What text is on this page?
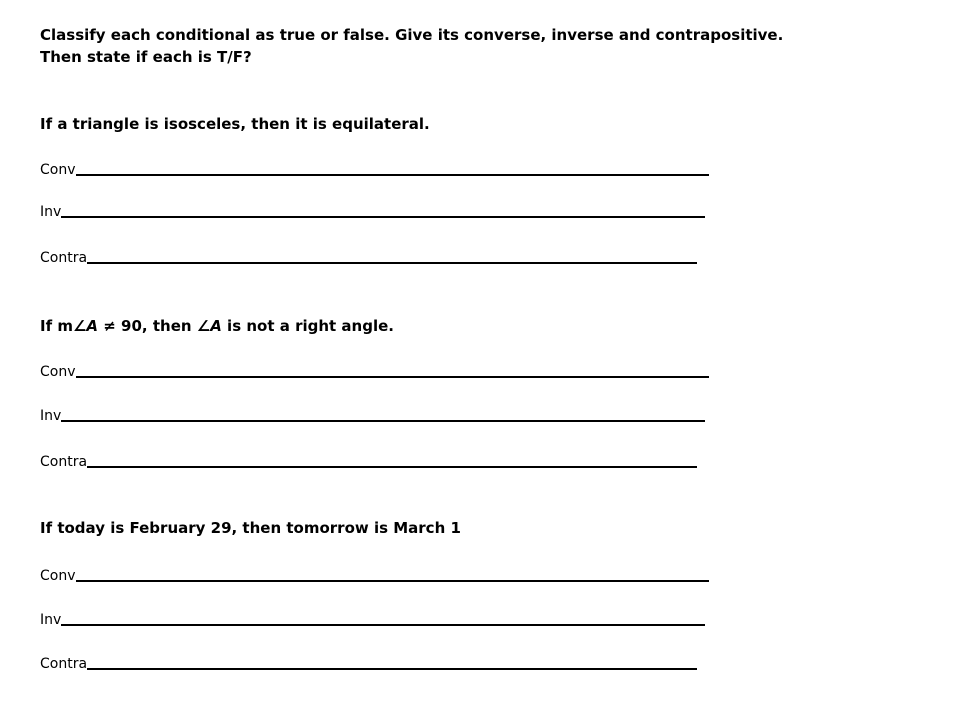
Classify each conditional as true or false. Give its converse, inverse and contrapositive.
Then state if each is T/F?
If a triangle is isosceles, then it is equilateral.
Conv
Inv
Contra
If m∠A ≠ 90, then ∠A is not a right angle.
Conv
Inv
Contra
If today is February 29, then tomorrow is March 1
Conv
Inv
Contra
